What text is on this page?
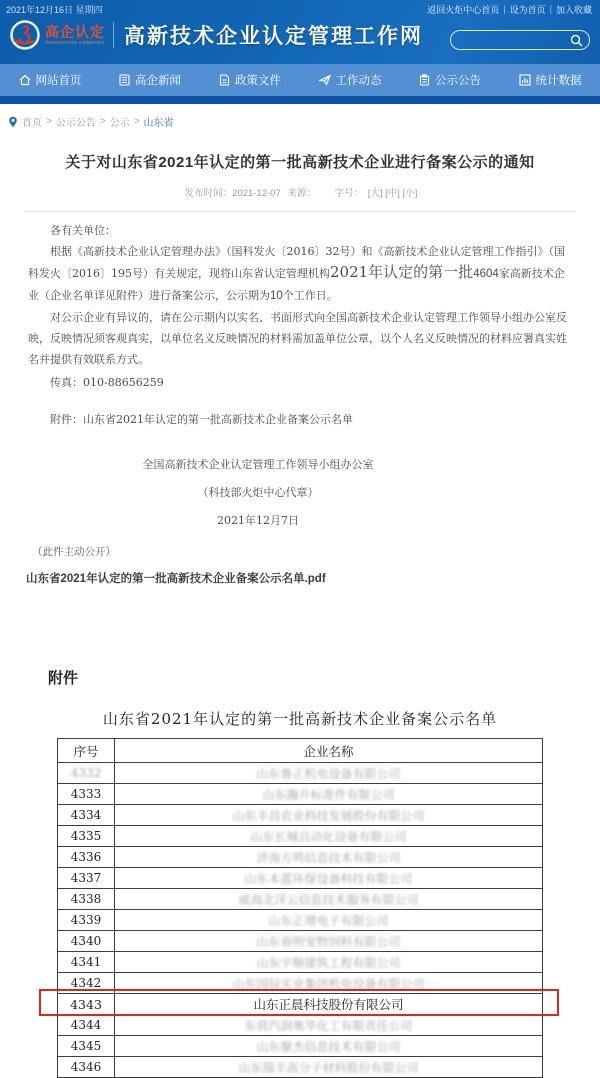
2021年12月16日 星期四	返回火炬中心首页 | 设为首页 | 加入收藏
高企认定
INNOVATION COMPANY 高新技术企业认定管理工作网
网站首页	高企新闻	政策文件	工作动态	公示公告	统计数据
首页 > 公示公告 > 公示 > 山东省
关于对山东省2021年认定的第一批高新技术企业进行备案公示的通知
发布时间：2021-12-07 来源： 字号： [大] [中] [小]

各有关单位：

根据《高新技术企业认定管理办法》（国科发火〔2016〕32号）和《高新技术企业认定管理工作指引》（国科发火〔2016〕195号）有关规定，现将山东省认定管理机构2021年认定的第一批4604家高新技术企业（企业名单详见附件）进行备案公示，公示期为10个工作日。

对公示企业有异议的，请在公示期内以实名、书面形式向全国高新技术企业认定管理工作领导小组办公室反映，反映情况须客观真实，以单位名义反映情况的材料需加盖单位公章，以个人名义反映情况的材料应署真实姓名并提供有效联系方式。

传真：010-88656259

附件：山东省2021年认定的第一批高新技术企业备案公示名单

全国高新技术企业认定管理工作领导小组办公室
（科技部火炬中心代章）
2021年12月7日

（此件主动公开）

山东省2021年认定的第一批高新技术企业备案公示名单.pdf
附件
山东省2021年认定的第一批高新技术企业备案公示名单
序号	企业名称
4332	山东鲁正机电设备有限公司
4333	山东瀚升标准件有限公司
4334	山东丰昌农业科技发展股份有限公司
4335	山东长城自动化设备有限公司
4336	济南方鸣信息技术有限公司
4337	山东本蓝环保设备科技有限公司
4338	威海北洋云信息技术服务有限公司
4339	山东正增电子有限公司
4340	山东春明宠物饲料有限公司
4341	山东宇顺建筑工程有限公司
4342	山东国辰实业集团机电设备有限公司
4343	山东正晨科技股份有限公司
4344	东营汽润奥华化工有限责任公司
4345	山东聚杰信息技术有限公司
4346	山东瑞丰高分子材料股份有限公司
